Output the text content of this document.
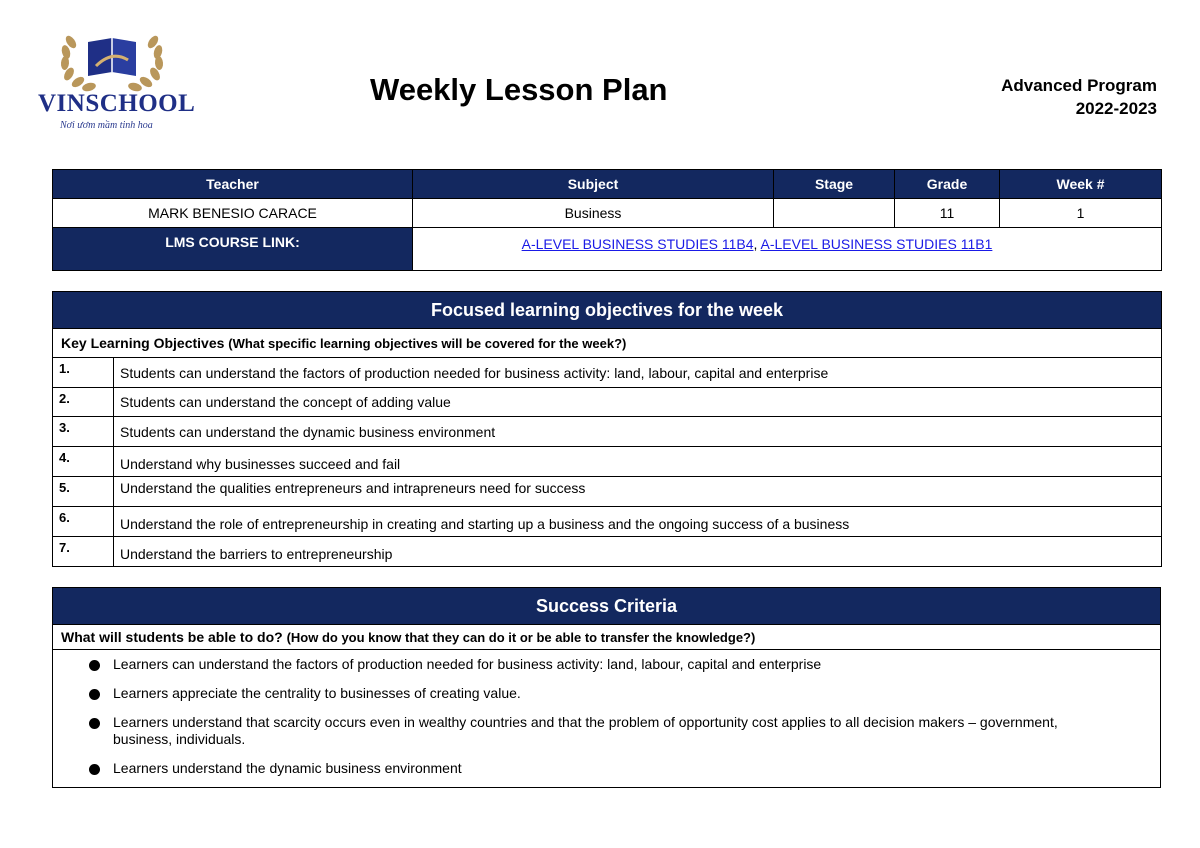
VINSCHOOL
Nơi ươm mầm tinh hoa
Weekly Lesson Plan	Advanced Program
2022-2023
Teacher	Subject	Stage	Grade	Week #
MARK BENESIO CARACE	Business		11	1
LMS COURSE LINK:	A-LEVEL BUSINESS STUDIES 11B4, A-LEVEL BUSINESS STUDIES 11B1			
Focused learning objectives for the week	
Key Learning Objectives (What specific learning objectives will be covered for the week?)	
1.	Students can understand the factors of production needed for business activity: land, labour, capital and enterprise
2.	Students can understand the concept of adding value
3.	Students can understand the dynamic business environment
4.	Understand why businesses succeed and fail
5.	Understand the qualities entrepreneurs and intrapreneurs need for success
6.	Understand the role of entrepreneurship in creating and starting up a business and the ongoing success of a business
7.	Understand the barriers to entrepreneurship
Success Criteria
What will students be able to do? (How do you know that they can do it or be able to transfer the knowledge?)

Learners can understand the factors of production needed for business activity: land, labour, capital and enterprise
Learners appreciate the centrality to businesses of creating value.
Learners understand that scarcity occurs even in wealthy countries and that the problem of opportunity cost applies to all decision makers – government, business, individuals.
Learners understand the dynamic business environment
